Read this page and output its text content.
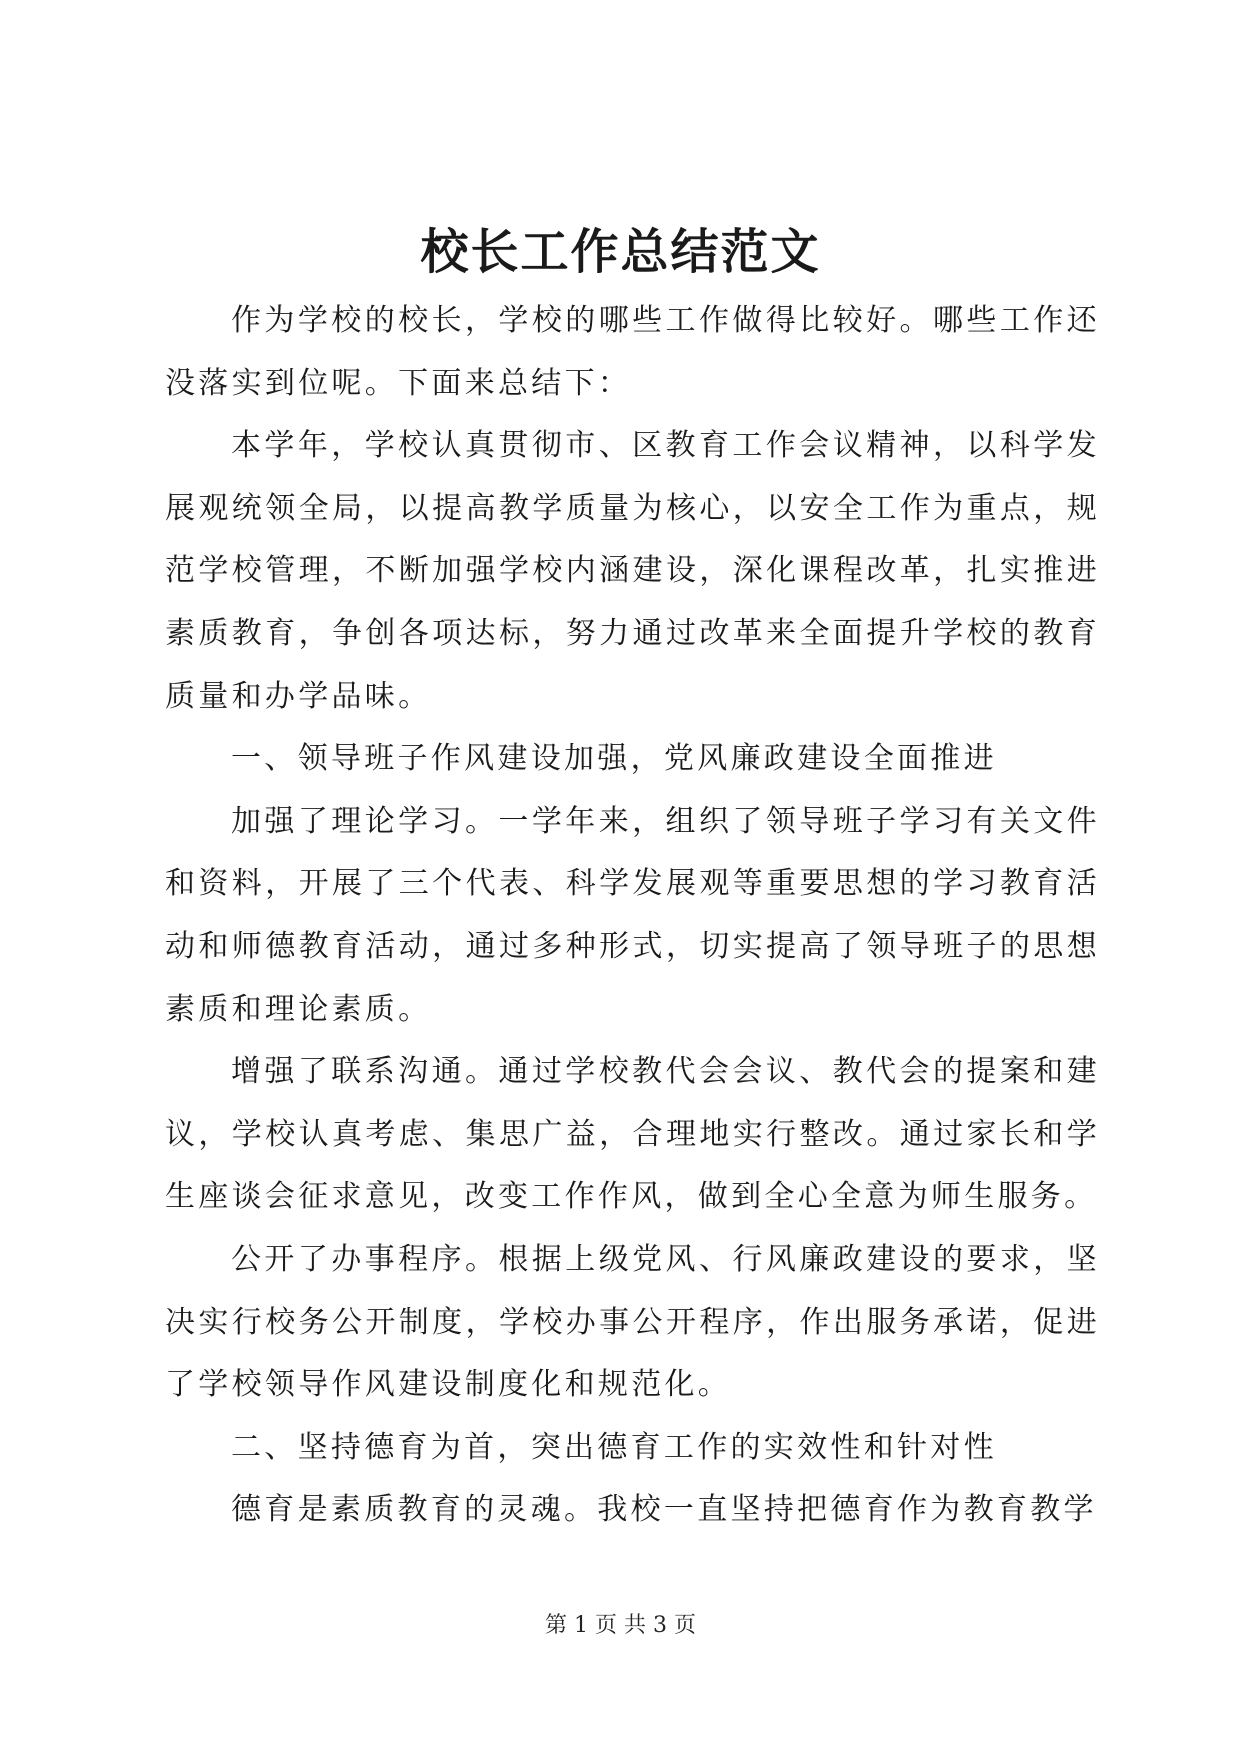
校长工作总结范文

作为学校的校长，学校的哪些工作做得比较好。哪些工作还没落实到位呢。下面来总结下：

本学年，学校认真贯彻市、区教育工作会议精神，以科学发展观统领全局，以提高教学质量为核心，以安全工作为重点，规范学校管理，不断加强学校内涵建设，深化课程改革，扎实推进素质教育，争创各项达标，努力通过改革来全面提升学校的教育质量和办学品味。

一、领导班子作风建设加强，党风廉政建设全面推进

加强了理论学习。一学年来，组织了领导班子学习有关文件和资料，开展了三个代表、科学发展观等重要思想的学习教育活动和师德教育活动，通过多种形式，切实提高了领导班子的思想素质和理论素质。

增强了联系沟通。通过学校教代会会议、教代会的提案和建议，学校认真考虑、集思广益，合理地实行整改。通过家长和学生座谈会征求意见，改变工作作风，做到全心全意为师生服务。

公开了办事程序。根据上级党风、行风廉政建设的要求，坚决实行校务公开制度，学校办事公开程序，作出服务承诺，促进了学校领导作风建设制度化和规范化。

二、坚持德育为首，突出德育工作的实效性和针对性

德育是素质教育的灵魂。我校一直坚持把德育作为教育教学

第 1 页 共 3 页
